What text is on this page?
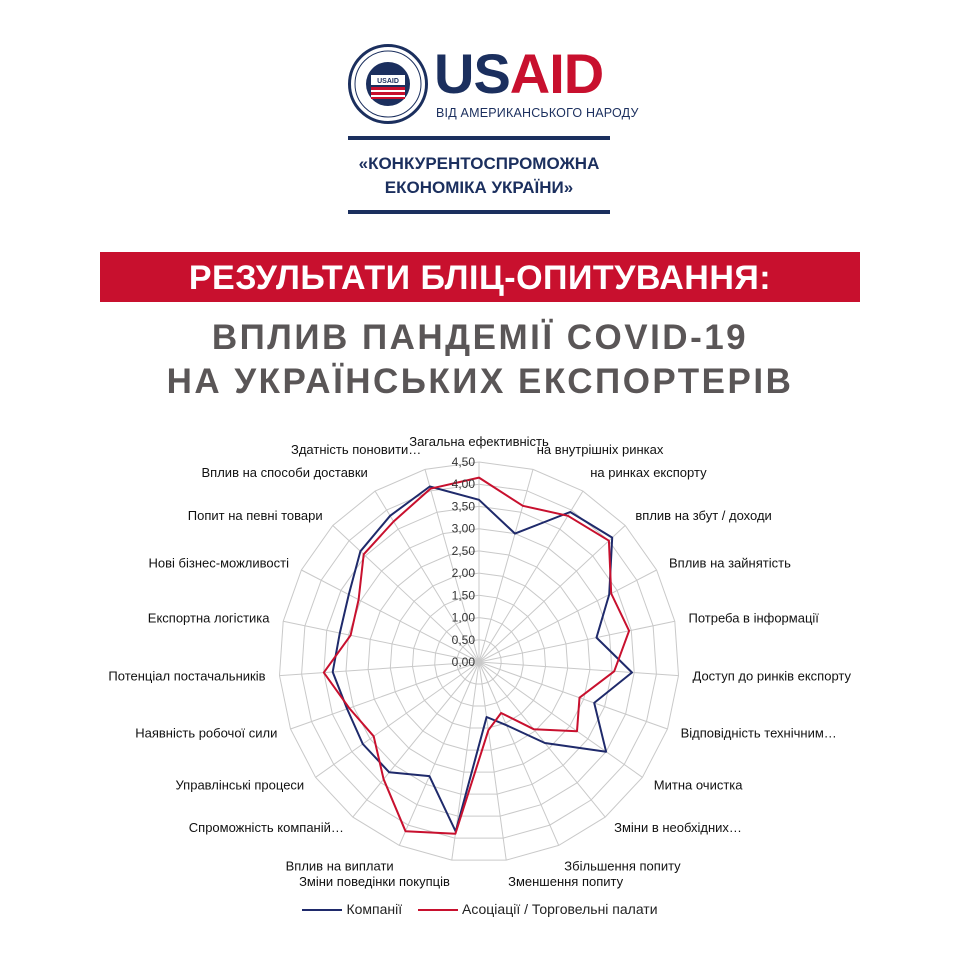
USAID USAID
ВІД АМЕРИКАНСЬКОГО НАРОДУ
«КОНКУРЕНТОСПРОМОЖНА
ЕКОНОМІКА УКРАЇНИ»
РЕЗУЛЬТАТИ БЛІЦ-ОПИТУВАННЯ:
ВПЛИВ ПАНДЕМІЇ COVID-19
НА УКРАЇНСЬКИХ ЕКСПОРТЕРІВ
0,00
0,50
1,00
1,50
2,00
2,50
3,00
3,50
4,00
4,50
Загальна ефективність
на внутрішніх ринках
на ринках експорту
вплив на збут / доходи
Вплив на зайнятість
Потреба в інформації
Доступ до ринків експорту
Відповідність технічним…
Митна очистка
Зміни в необхідних…
Збільшення попиту
Зменшення попиту
Зміни поведінки покупців
Вплив на виплати
Спроможність компаній…
Управлінські процеси
Наявність робочої сили
Потенціал постачальників
Експортна логістика
Нові бізнес-можливості
Попит на певні товари
Вплив на способи доставки
Здатність поновити…
Компанії	Асоціації / Торговельні палати
